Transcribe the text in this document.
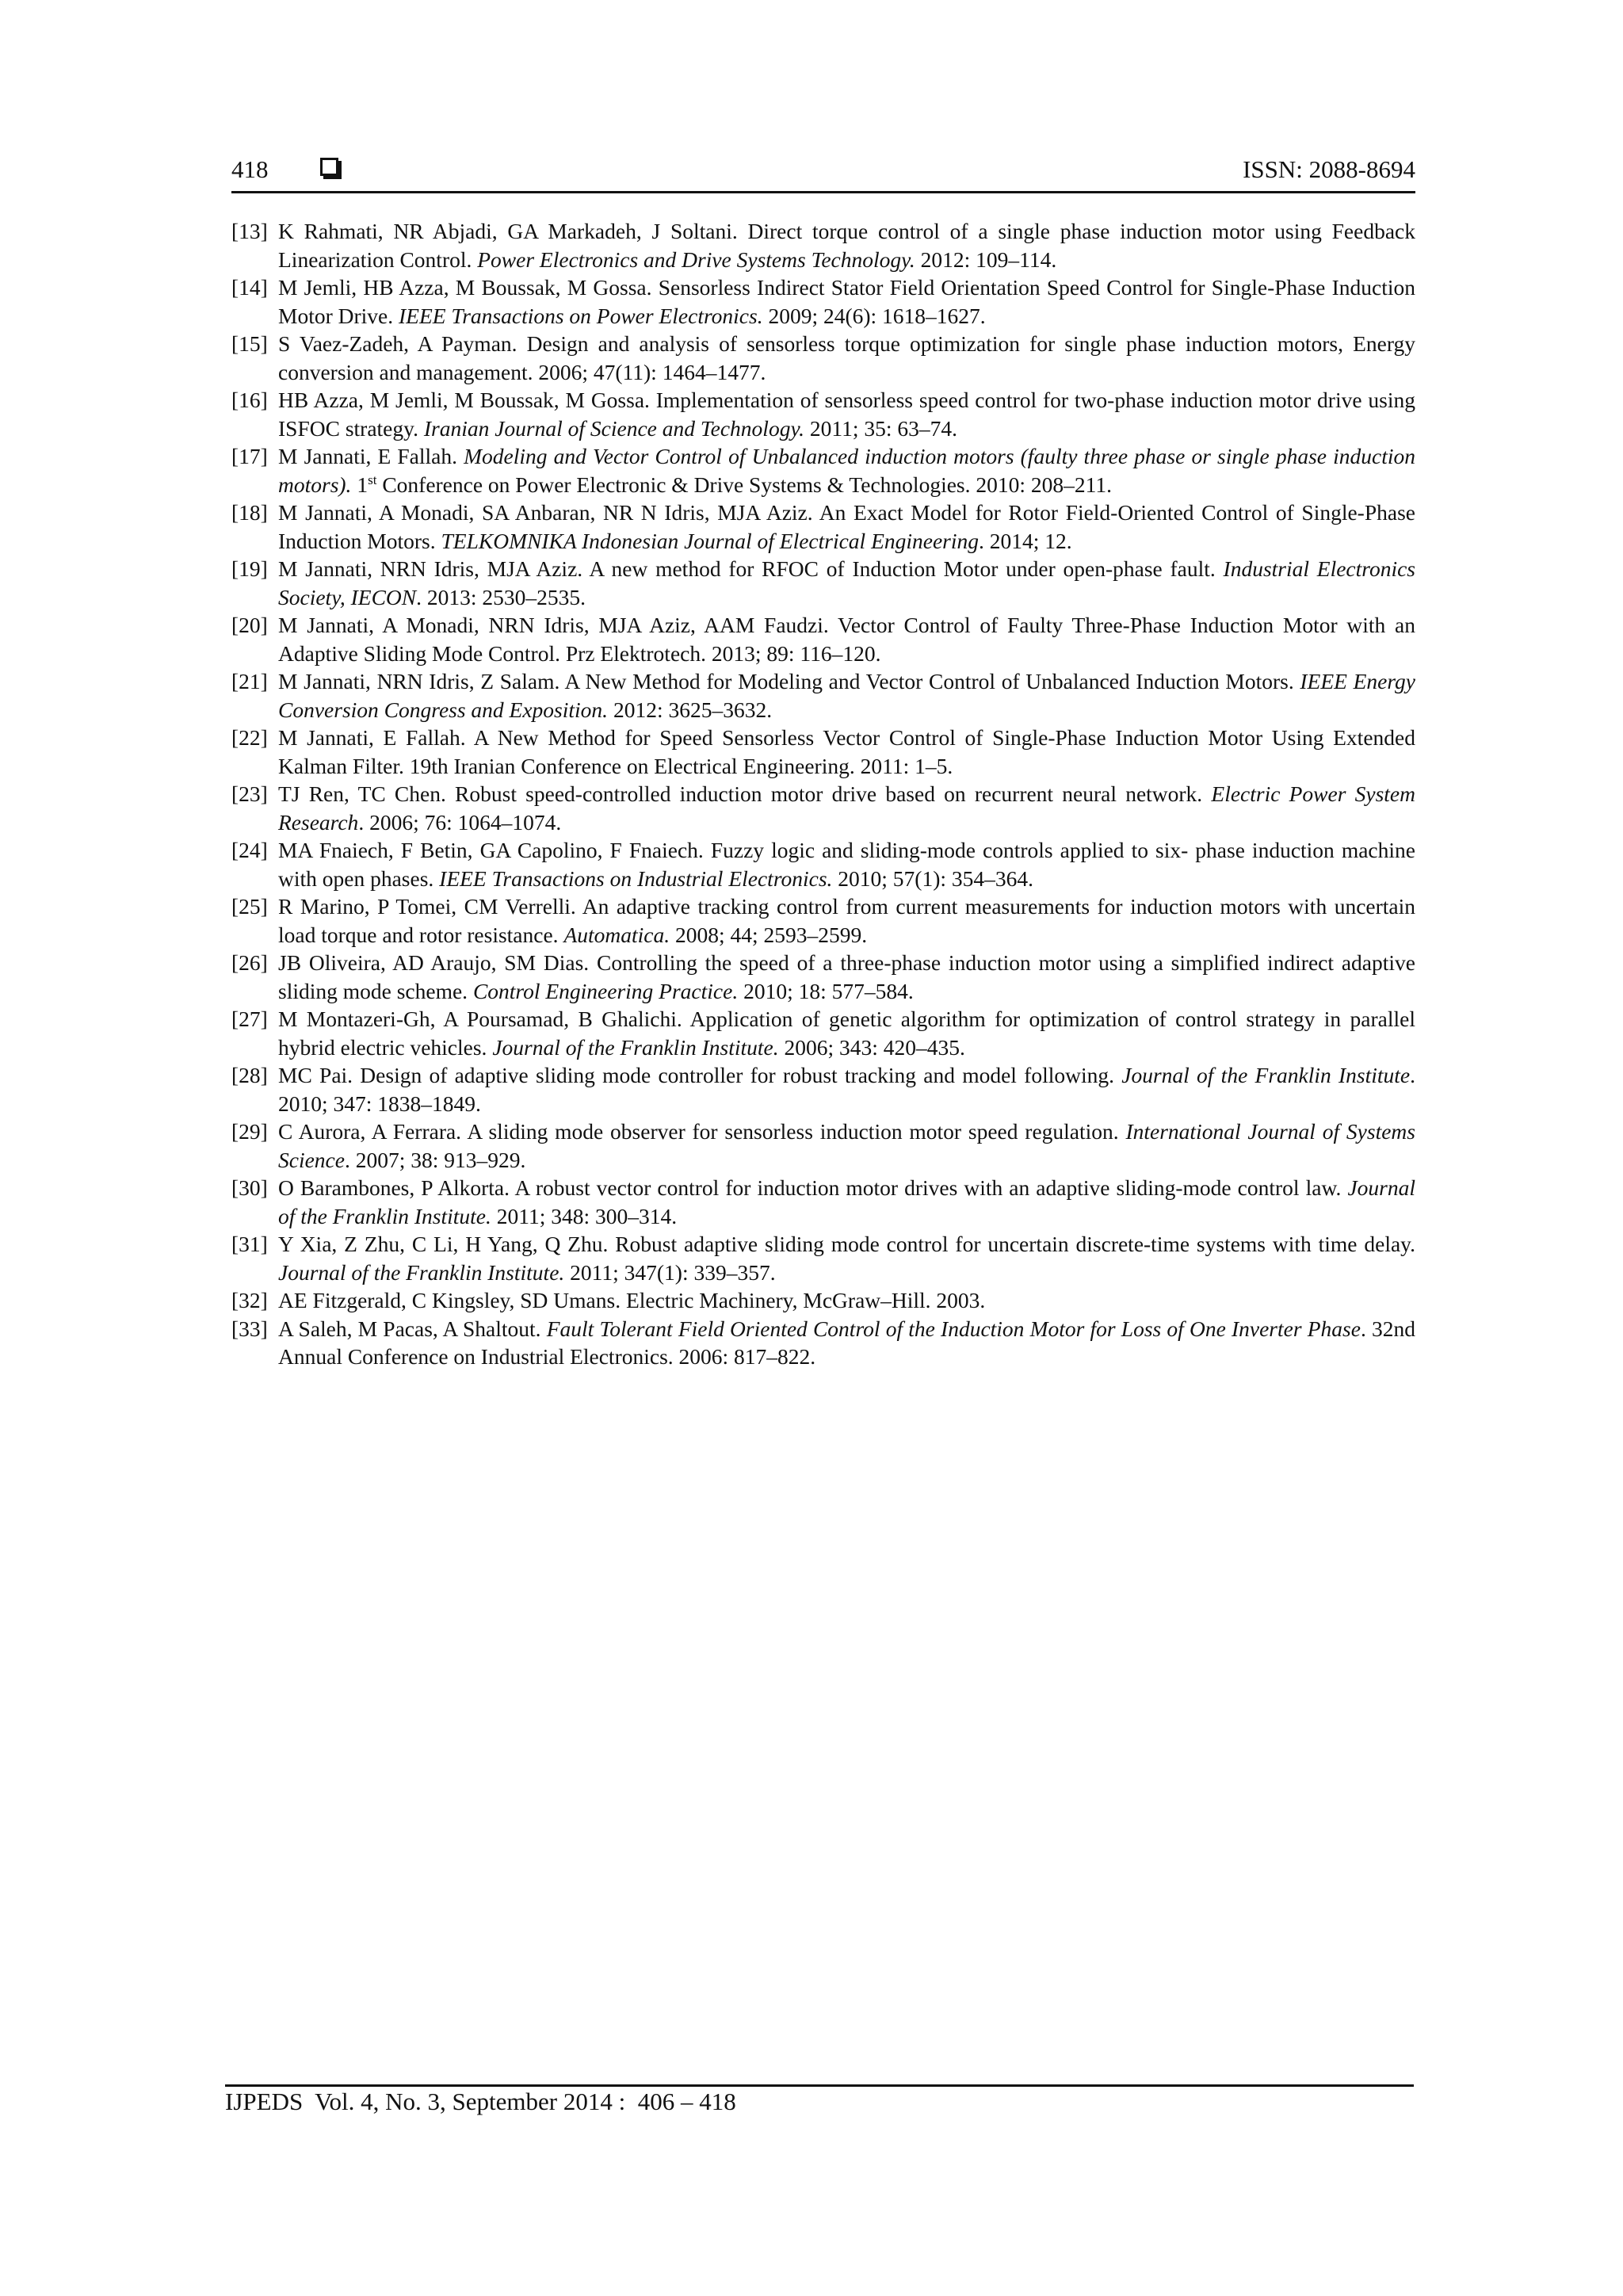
418	ISSN: 2088-8694
[13] K Rahmati, NR Abjadi, GA Markadeh, J Soltani. Direct torque control of a single phase induction motor using Feedback Linearization Control. Power Electronics and Drive Systems Technology. 2012: 109–114.
[14] M Jemli, HB Azza, M Boussak, M Gossa. Sensorless Indirect Stator Field Orientation Speed Control for Single-Phase Induction Motor Drive. IEEE Transactions on Power Electronics. 2009; 24(6): 1618–1627.
[15] S Vaez-Zadeh, A Payman. Design and analysis of sensorless torque optimization for single phase induction motors, Energy conversion and management. 2006; 47(11): 1464–1477.
[16] HB Azza, M Jemli, M Boussak, M Gossa. Implementation of sensorless speed control for two-phase induction motor drive using ISFOC strategy. Iranian Journal of Science and Technology. 2011; 35: 63–74.
[17] M Jannati, E Fallah. Modeling and Vector Control of Unbalanced induction motors (faulty three phase or single phase induction motors). 1st Conference on Power Electronic & Drive Systems & Technologies. 2010: 208–211.
[18] M Jannati, A Monadi, SA Anbaran, NR N Idris, MJA Aziz. An Exact Model for Rotor Field-Oriented Control of Single-Phase Induction Motors. TELKOMNIKA Indonesian Journal of Electrical Engineering. 2014; 12.
[19] M Jannati, NRN Idris, MJA Aziz. A new method for RFOC of Induction Motor under open-phase fault. Industrial Electronics Society, IECON. 2013: 2530–2535.
[20] M Jannati, A Monadi, NRN Idris, MJA Aziz, AAM Faudzi. Vector Control of Faulty Three-Phase Induction Motor with an Adaptive Sliding Mode Control. Prz Elektrotech. 2013; 89: 116–120.
[21] M Jannati, NRN Idris, Z Salam. A New Method for Modeling and Vector Control of Unbalanced Induction Motors. IEEE Energy Conversion Congress and Exposition. 2012: 3625–3632.
[22] M Jannati, E Fallah. A New Method for Speed Sensorless Vector Control of Single-Phase Induction Motor Using Extended Kalman Filter. 19th Iranian Conference on Electrical Engineering. 2011: 1–5.
[23] TJ Ren, TC Chen. Robust speed-controlled induction motor drive based on recurrent neural network. Electric Power System Research. 2006; 76: 1064–1074.
[24] MA Fnaiech, F Betin, GA Capolino, F Fnaiech. Fuzzy logic and sliding-mode controls applied to six- phase induction machine with open phases. IEEE Transactions on Industrial Electronics. 2010; 57(1): 354–364.
[25] R Marino, P Tomei, CM Verrelli. An adaptive tracking control from current measurements for induction motors with uncertain load torque and rotor resistance. Automatica. 2008; 44; 2593–2599.
[26] JB Oliveira, AD Araujo, SM Dias. Controlling the speed of a three-phase induction motor using a simplified indirect adaptive sliding mode scheme. Control Engineering Practice. 2010; 18: 577–584.
[27] M Montazeri-Gh, A Poursamad, B Ghalichi. Application of genetic algorithm for optimization of control strategy in parallel hybrid electric vehicles. Journal of the Franklin Institute. 2006; 343: 420–435.
[28] MC Pai. Design of adaptive sliding mode controller for robust tracking and model following. Journal of the Franklin Institute. 2010; 347: 1838–1849.
[29] C Aurora, A Ferrara. A sliding mode observer for sensorless induction motor speed regulation. International Journal of Systems Science. 2007; 38: 913–929.
[30] O Barambones, P Alkorta. A robust vector control for induction motor drives with an adaptive sliding-mode control law. Journal of the Franklin Institute. 2011; 348: 300–314.
[31] Y Xia, Z Zhu, C Li, H Yang, Q Zhu. Robust adaptive sliding mode control for uncertain discrete-time systems with time delay. Journal of the Franklin Institute. 2011; 347(1): 339–357.
[32] AE Fitzgerald, C Kingsley, SD Umans. Electric Machinery, McGraw–Hill. 2003.
[33] A Saleh, M Pacas, A Shaltout. Fault Tolerant Field Oriented Control of the Induction Motor for Loss of One Inverter Phase. 32nd Annual Conference on Industrial Electronics. 2006: 817–822.
IJPEDS  Vol. 4, No. 3, September 2014 :  406 – 418
